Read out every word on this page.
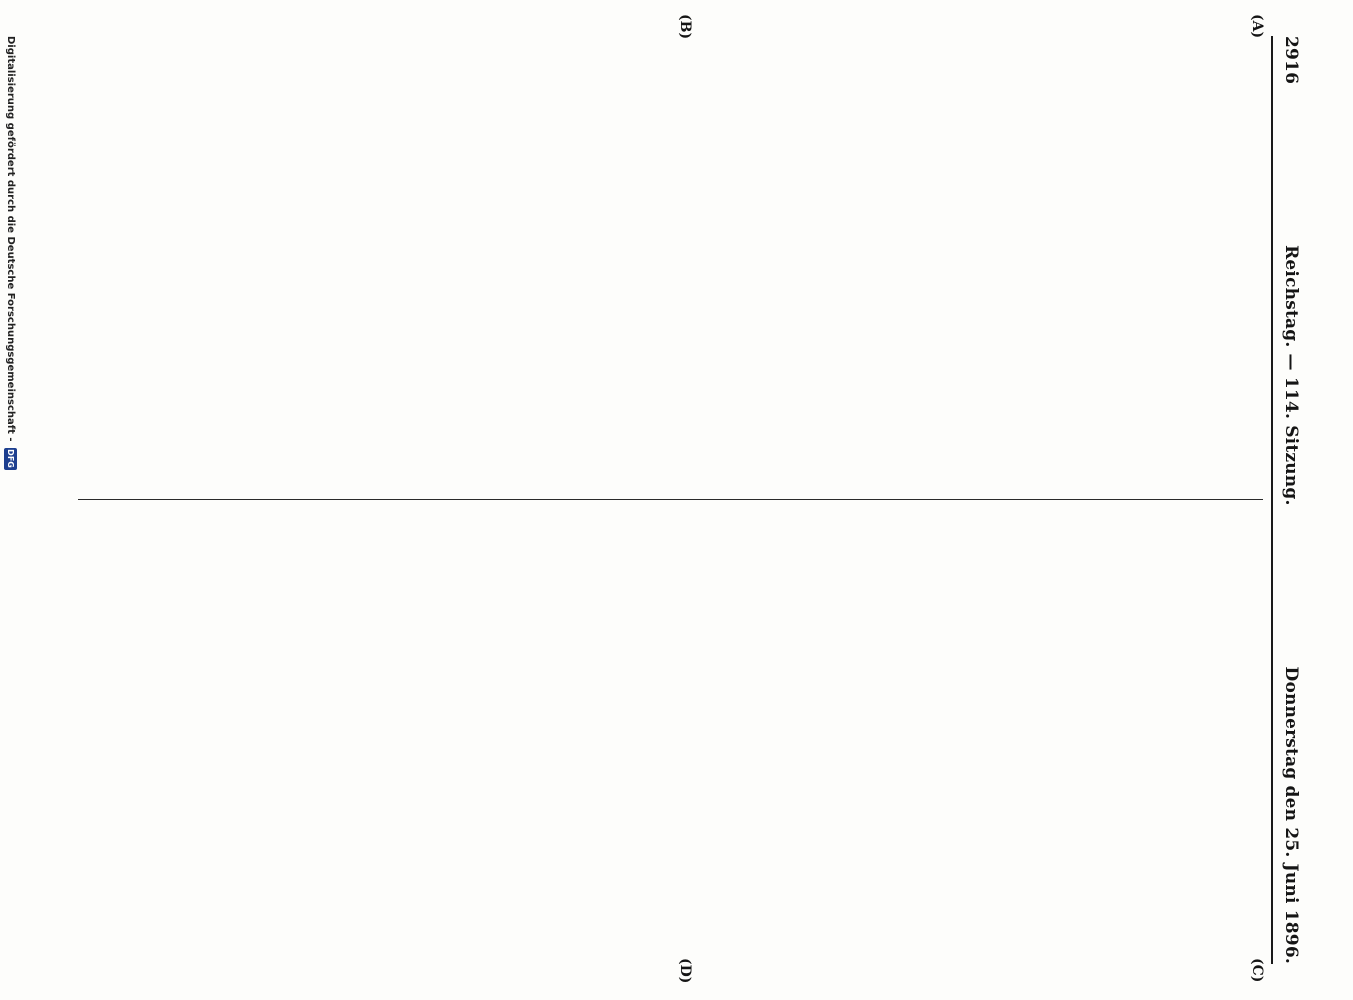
2916
Reichstag. — 114. Sitzung.
Donnerstag den 25. Juni 1896.
(A)
(B)
(C)
(D)

Digitalisierung gefördert durch die Deutsche Forschungsgemeinschaft -
DFG
